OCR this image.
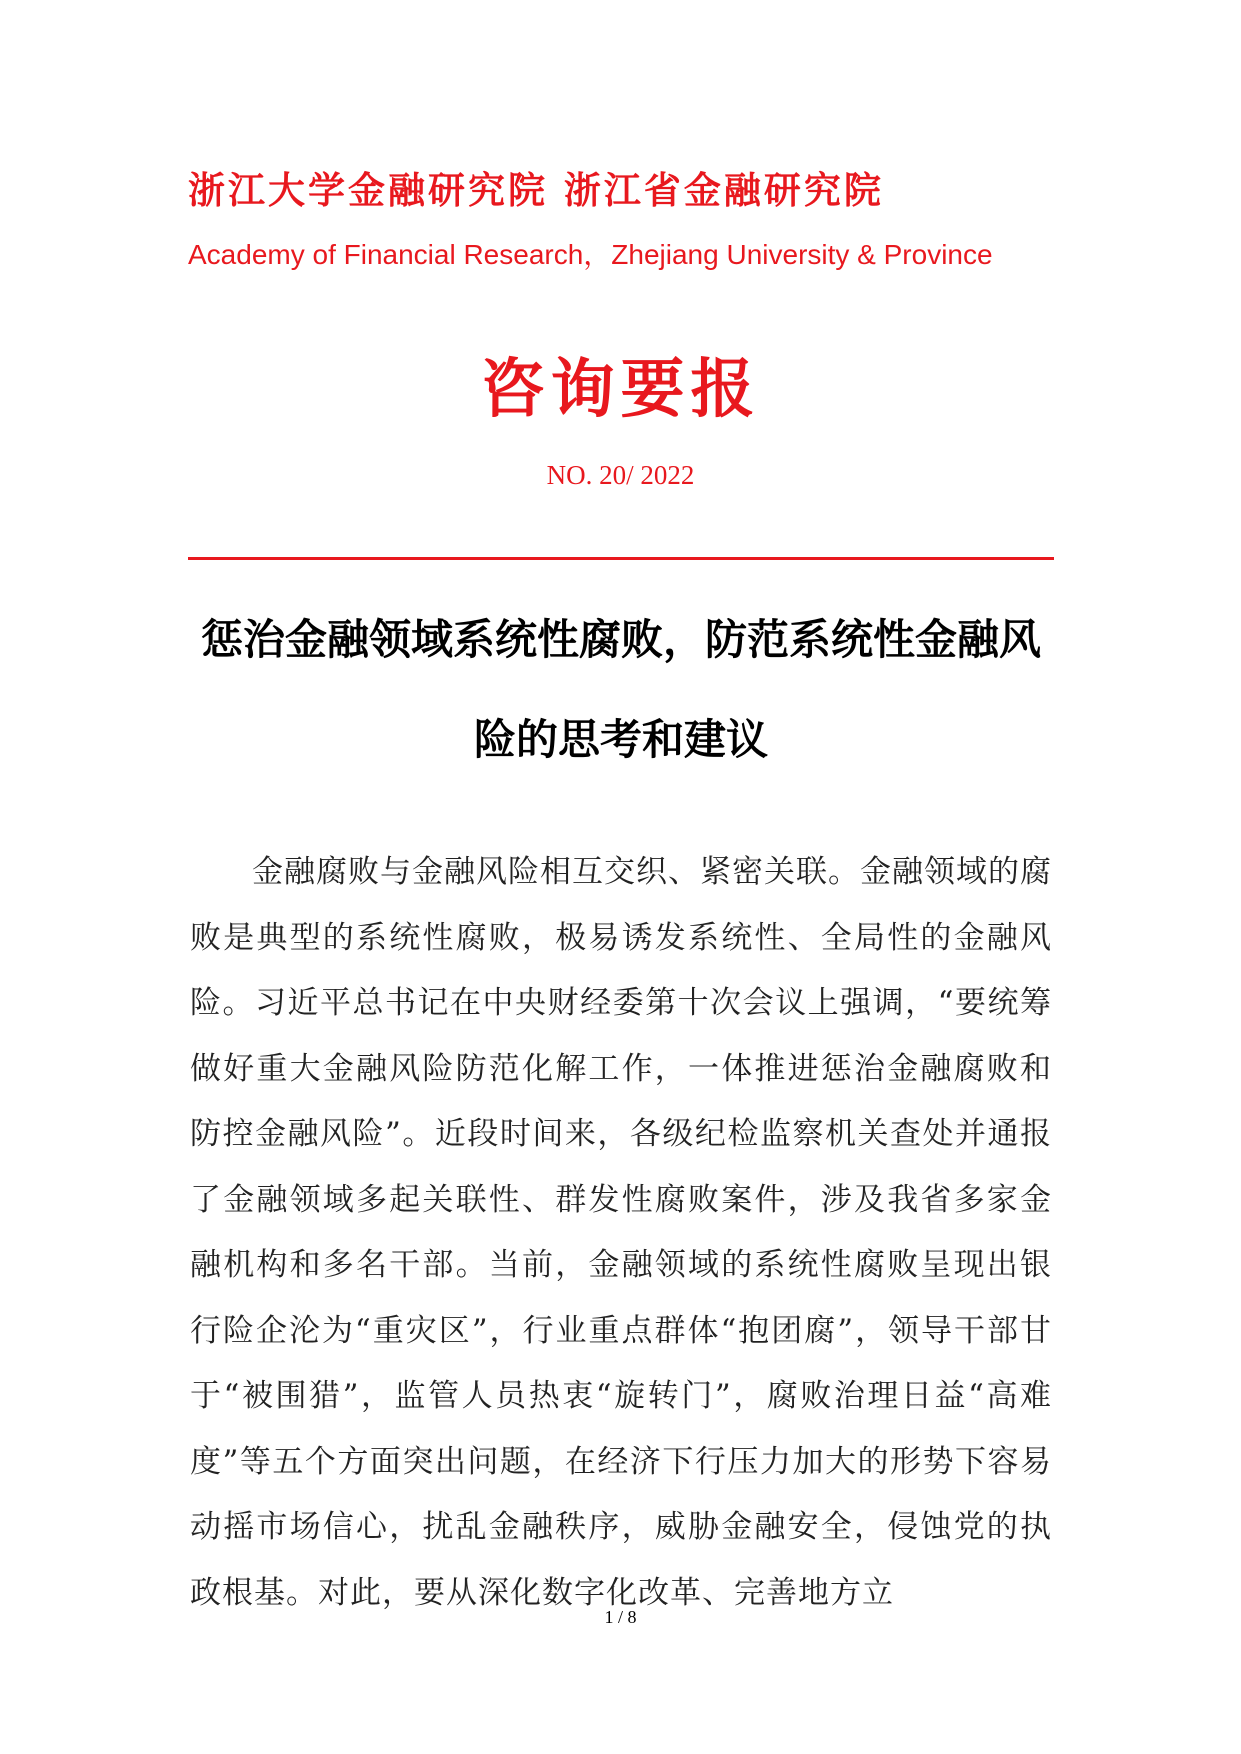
浙江大学金融研究院 浙江省金融研究院
Academy of Financial Research，Zhejiang University & Province
咨询要报
NO. 20/ 2022
惩治金融领域系统性腐败，防范系统性金融风险的思考和建议
金融腐败与金融风险相互交织、紧密关联。金融领域的腐败是典型的系统性腐败，极易诱发系统性、全局性的金融风险。习近平总书记在中央财经委第十次会议上强调，“要统筹做好重大金融风险防范化解工作，一体推进惩治金融腐败和防控金融风险”。近段时间来，各级纪检监察机关查处并通报了金融领域多起关联性、群发性腐败案件，涉及我省多家金融机构和多名干部。当前，金融领域的系统性腐败呈现出银行险企沦为“重灾区”，行业重点群体“抱团腐”，领导干部甘于“被围猎”，监管人员热衷“旋转门”，腐败治理日益“高难度”等五个方面突出问题，在经济下行压力加大的形势下容易动摇市场信心，扰乱金融秩序，威胁金融安全，侵蚀党的执政根基。对此，要从深化数字化改革、完善地方立
1 / 8
